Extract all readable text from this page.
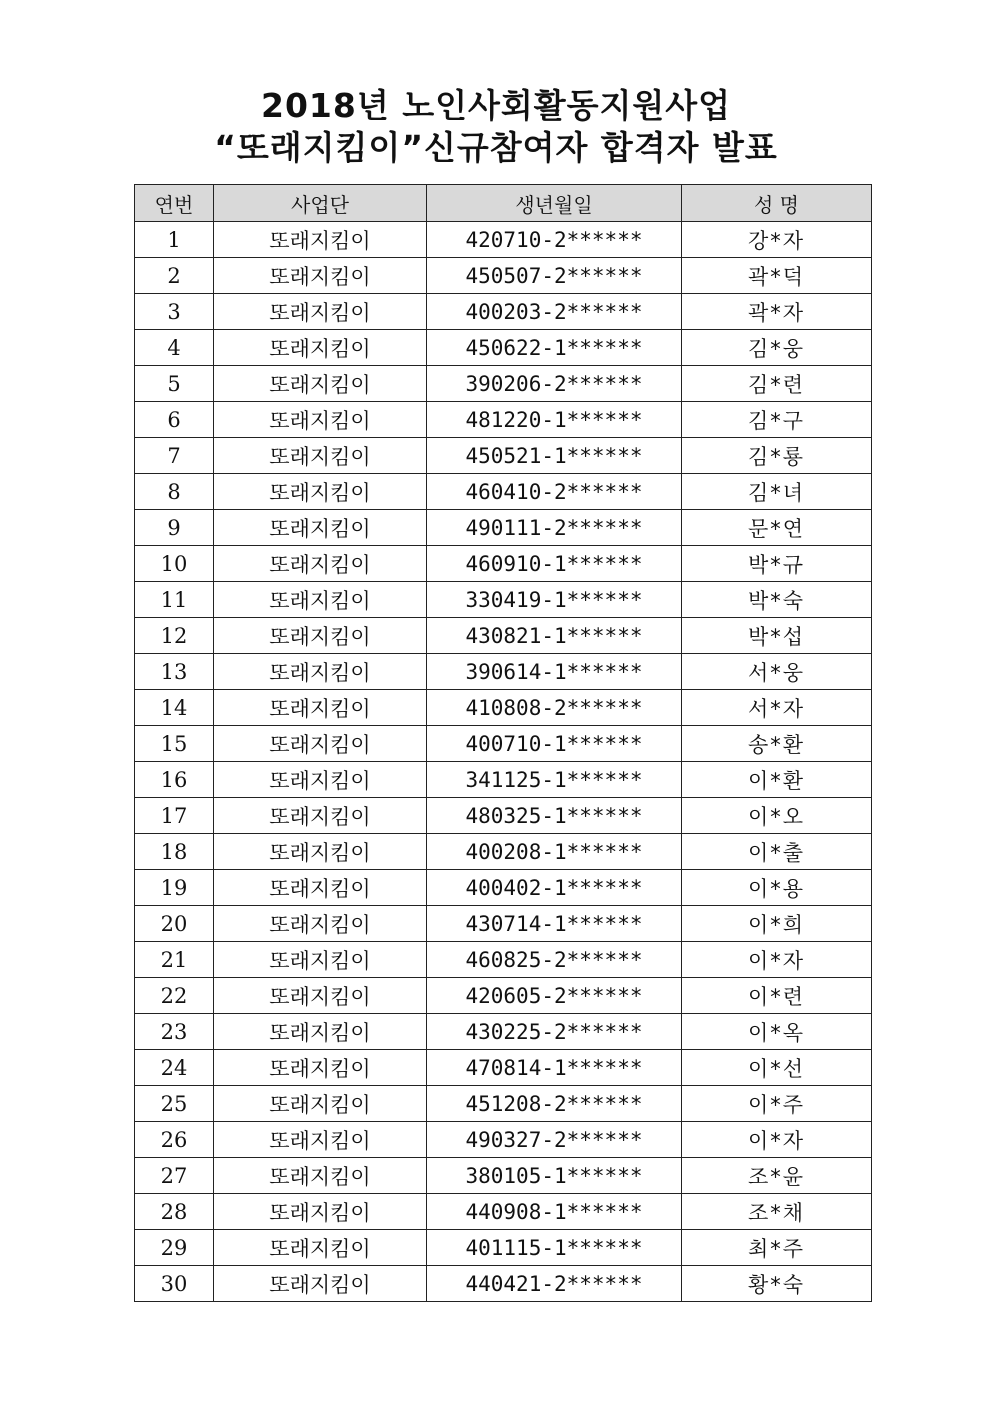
2018년 노인사회활동지원사업
“또래지킴이”신규참여자 합격자 발표
연번	사업단	생년월일	성 명
1	또래지킴이	420710-2******	강*자
2	또래지킴이	450507-2******	곽*덕
3	또래지킴이	400203-2******	곽*자
4	또래지킴이	450622-1******	김*웅
5	또래지킴이	390206-2******	김*련
6	또래지킴이	481220-1******	김*구
7	또래지킴이	450521-1******	김*룡
8	또래지킴이	460410-2******	김*녀
9	또래지킴이	490111-2******	문*연
10	또래지킴이	460910-1******	박*규
11	또래지킴이	330419-1******	박*숙
12	또래지킴이	430821-1******	박*섭
13	또래지킴이	390614-1******	서*웅
14	또래지킴이	410808-2******	서*자
15	또래지킴이	400710-1******	송*환
16	또래지킴이	341125-1******	이*환
17	또래지킴이	480325-1******	이*오
18	또래지킴이	400208-1******	이*출
19	또래지킴이	400402-1******	이*용
20	또래지킴이	430714-1******	이*희
21	또래지킴이	460825-2******	이*자
22	또래지킴이	420605-2******	이*련
23	또래지킴이	430225-2******	이*옥
24	또래지킴이	470814-1******	이*선
25	또래지킴이	451208-2******	이*주
26	또래지킴이	490327-2******	이*자
27	또래지킴이	380105-1******	조*윤
28	또래지킴이	440908-1******	조*채
29	또래지킴이	401115-1******	최*주
30	또래지킴이	440421-2******	황*숙
